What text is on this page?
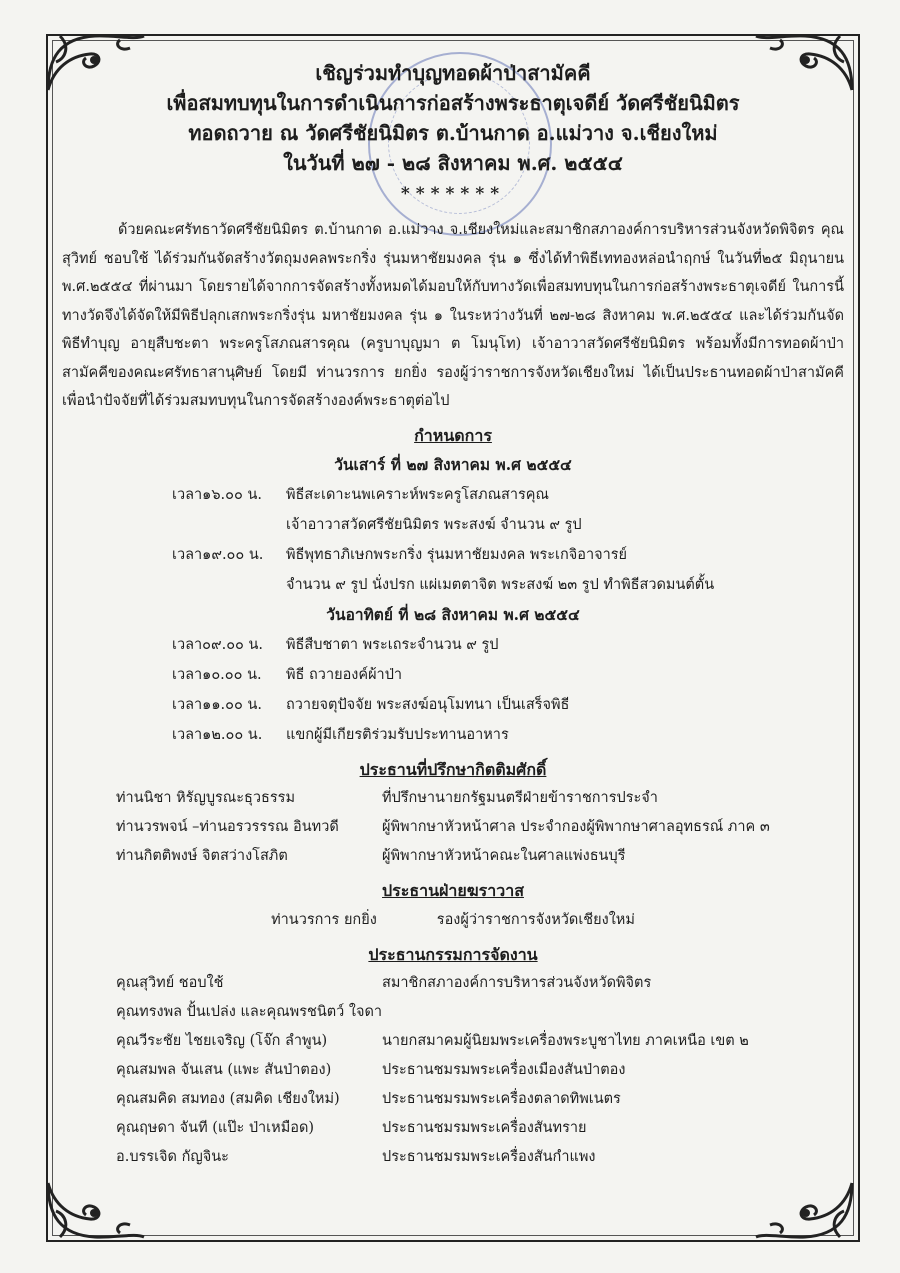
เชิญร่วมทำบุญทอดผ้าป่าสามัคคี
เพื่อสมทบทุนในการดำเนินการก่อสร้างพระธาตุเจดีย์ วัดศรีชัยนิมิตร
ทอดถวาย ณ วัดศรีชัยนิมิตร ต.บ้านกาด อ.แม่วาง จ.เชียงใหม่
ในวันที่ ๒๗ - ๒๘ สิงหาคม พ.ศ. ๒๕๕๔
*******

ด้วยคณะศรัทธาวัดศรีชัยนิมิตร ต.บ้านกาด อ.แม่วาง จ.เชียงใหม่และสมาชิกสภาองค์การบริหารส่วนจังหวัดพิจิตร คุณสุวิทย์ ชอบใช้ ได้ร่วมกันจัดสร้างวัตถุมงคลพระกริ่ง รุ่นมหาชัยมงคล รุ่น ๑ ซึ่งได้ทำพิธีเททองหล่อนำฤกษ์ ในวันที่๒๕ มิถุนายน พ.ศ.๒๕๕๔ ที่ผ่านมา โดยรายได้จากการจัดสร้างทั้งหมดได้มอบให้กับทางวัดเพื่อสมทบทุนในการก่อสร้างพระธาตุเจดีย์ ในการนี้ทางวัดจึงได้จัดให้มีพิธีปลุกเสกพระกริ่งรุ่น มหาชัยมงคล รุ่น ๑ ในระหว่างวันที่ ๒๗-๒๘ สิงหาคม พ.ศ.๒๕๕๔ และได้ร่วมกันจัดพิธีทำบุญ อายุสืบชะตา พระครูโสภณสารคุณ (ครูบาบุญมา ต โมนุโท) เจ้าอาวาสวัดศรีชัยนิมิตร พร้อมทั้งมีการทอดผ้าป่าสามัคคีของคณะศรัทธาสานุศิษย์ โดยมี ท่านวรการ ยกยิ่ง รองผู้ว่าราชการจังหวัดเชียงใหม่ ได้เป็นประธานทอดผ้าป่าสามัคคี เพื่อนำปัจจัยที่ได้ร่วมสมทบทุนในการจัดสร้างองค์พระธาตุต่อไป

กำหนดการ
วันเสาร์ ที่ ๒๗ สิงหาคม พ.ศ ๒๕๕๔
เวลา๑๖.๐๐ น.	พิธีสะเดาะนพเคราะห์พระครูโสภณสารคุณ
เจ้าอาวาสวัดศรีชัยนิมิตร พระสงฆ์ จำนวน ๙ รูป
เวลา๑๙.๐๐ น.	พิธีพุทธาภิเษกพระกริ่ง รุ่นมหาชัยมงคล พระเกจิอาจารย์
จำนวน ๙ รูป นั่งปรก แผ่เมตตาจิต พระสงฆ์ ๒๓ รูป ทำพิธีสวดมนต์ตั้น
วันอาทิตย์ ที่ ๒๘ สิงหาคม พ.ศ ๒๕๕๔
เวลา๐๙.๐๐ น.	พิธีสืบชาตา พระเถระจำนวน ๙ รูป
เวลา๑๐.๐๐ น.	พิธี ถวายองค์ผ้าป่า
เวลา๑๑.๐๐ น.	ถวายจตุปัจจัย พระสงฆ์อนุโมทนา เป็นเสร็จพิธี
เวลา๑๒.๐๐ น.	แขกผู้มีเกียรติร่วมรับประทานอาหาร
ประธานที่ปรึกษากิตติมศักดิ์
ท่านนิชา หิรัญบูรณะธุวธรรม	ที่ปรึกษานายกรัฐมนตรีฝ่ายข้าราชการประจำ
ท่านวรพจน์ –ท่านอรวรรรณ อินทวดี	ผู้พิพากษาหัวหน้าศาล ประจำกองผู้พิพากษาศาลอุทธรณ์ ภาค ๓
ท่านกิตติพงษ์ จิตสว่างโสภิต	ผู้พิพากษาหัวหน้าคณะในศาลแพ่งธนบุรี
ประธานฝ่ายฆราวาส
ท่านวรการ ยกยิ่ง	รองผู้ว่าราชการจังหวัดเชียงใหม่
ประธานกรรมการจัดงาน
คุณสุวิทย์ ชอบใช้	สมาชิกสภาองค์การบริหารส่วนจังหวัดพิจิตร
คุณทรงพล ปั้นเปล่ง และคุณพรชนิตว์ ใจดา
คุณวีระชัย ไชยเจริญ (โจ๊ก ลำพูน)	นายกสมาคมผู้นิยมพระเครื่องพระบูชาไทย ภาคเหนือ เขต ๒
คุณสมพล จันเสน (แพะ สันป่าตอง)	ประธานชมรมพระเครื่องเมืองสันป่าตอง
คุณสมคิด สมทอง (สมคิด เชียงใหม่)	ประธานชมรมพระเครื่องตลาดทิพเนตร
คุณฤษดา จันที (แป๊ะ ป่าเหมือด)	ประธานชมรมพระเครื่องสันทราย
อ.บรรเจิด กัญจินะ	ประธานชมรมพระเครื่องสันกำแพง
